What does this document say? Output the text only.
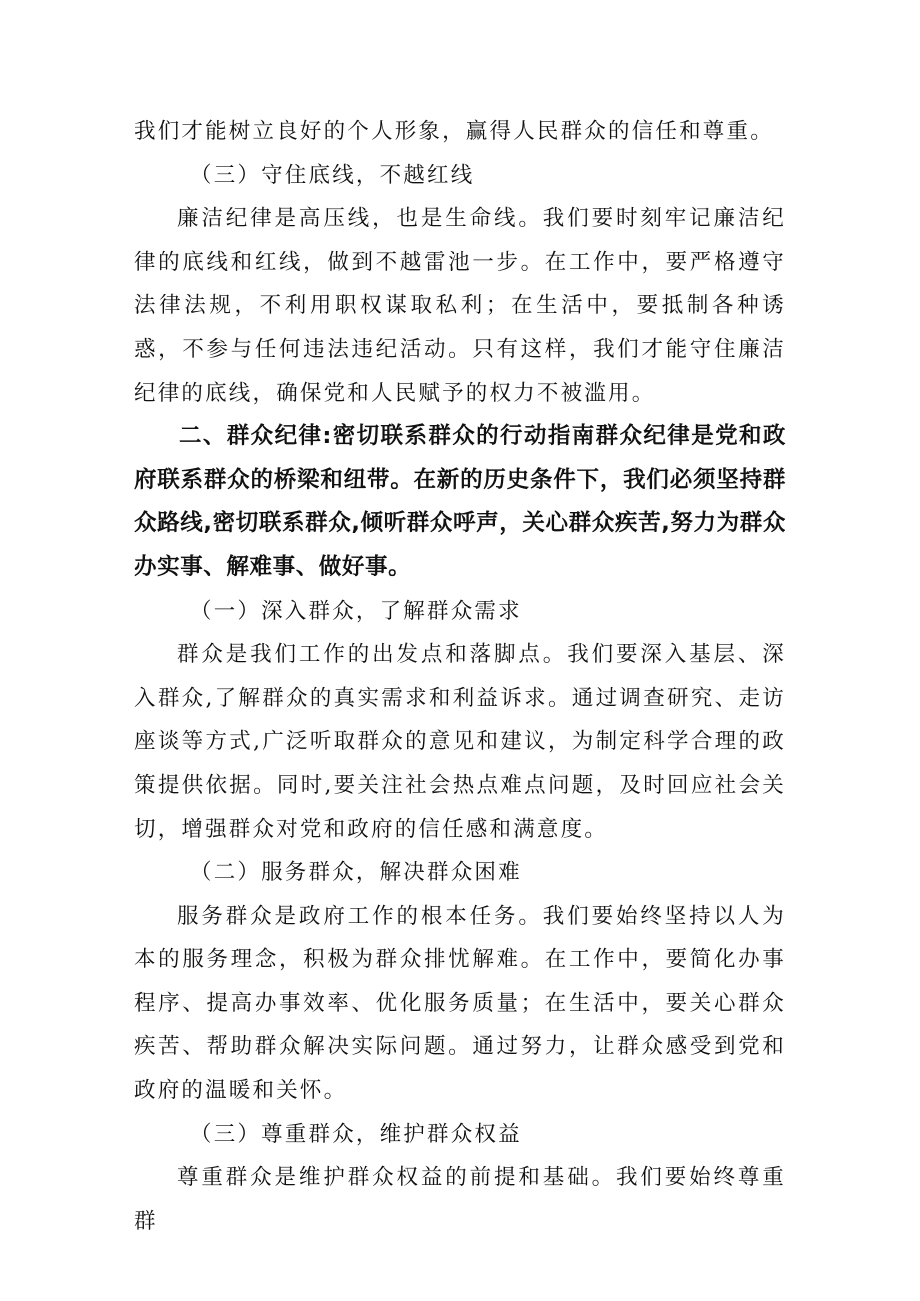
我们才能树立良好的个人形象，赢得人民群众的信任和尊重。

（三）守住底线，不越红线

廉洁纪律是高压线，也是生命线。我们要时刻牢记廉洁纪律的底线和红线，做到不越雷池一步。在工作中，要严格遵守法律法规，不利用职权谋取私利；在生活中，要抵制各种诱惑，不参与任何违法违纪活动。只有这样，我们才能守住廉洁纪律的底线，确保党和人民赋予的权力不被滥用。

二、群众纪律:密切联系群众的行动指南群众纪律是党和政府联系群众的桥梁和纽带。在新的历史条件下，我们必须坚持群众路线,密切联系群众,倾听群众呼声，关心群众疾苦,努力为群众办实事、解难事、做好事。

（一）深入群众，了解群众需求

群众是我们工作的出发点和落脚点。我们要深入基层、深入群众,了解群众的真实需求和利益诉求。通过调查研究、走访座谈等方式,广泛听取群众的意见和建议，为制定科学合理的政策提供依据。同时,要关注社会热点难点问题，及时回应社会关切，增强群众对党和政府的信任感和满意度。

（二）服务群众，解决群众困难

服务群众是政府工作的根本任务。我们要始终坚持以人为本的服务理念，积极为群众排忧解难。在工作中，要简化办事程序、提高办事效率、优化服务质量；在生活中，要关心群众疾苦、帮助群众解决实际问题。通过努力，让群众感受到党和政府的温暖和关怀。

（三）尊重群众，维护群众权益

尊重群众是维护群众权益的前提和基础。我们要始终尊重群
